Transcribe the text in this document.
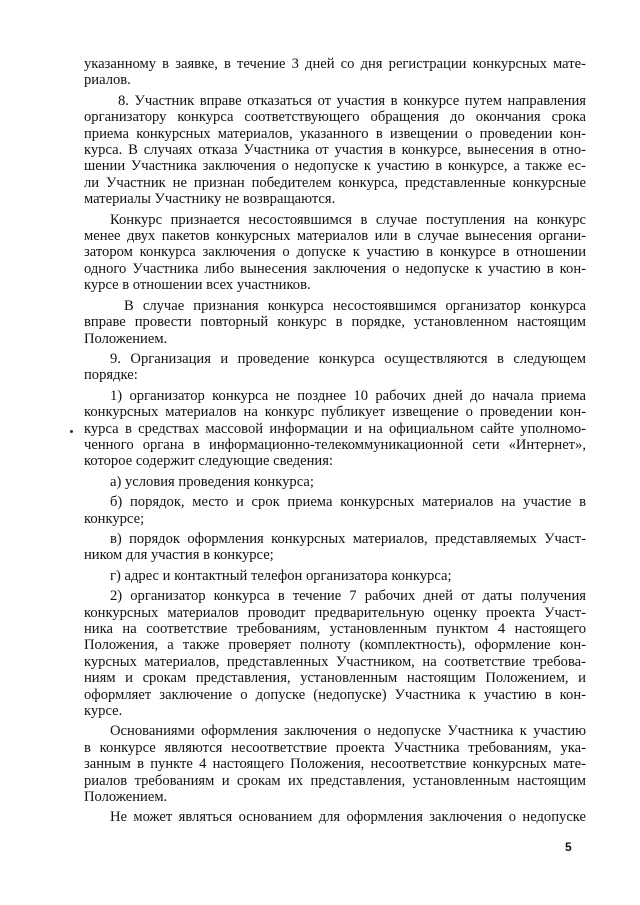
указанному в заявке, в течение 3 дней со дня регистрации конкурсных мате-
риалов.
8. Участник вправе отказаться от участия в конкурсе путем направления
организатору конкурса соответствующего обращения до окончания срока
приема конкурсных материалов, указанного в извещении о проведении кон-
курса. В случаях отказа Участника от участия в конкурсе, вынесения в отно-
шении Участника заключения о недопуске к участию в конкурсе, а также ес-
ли Участник не признан победителем конкурса, представленные конкурсные
материалы Участнику не возвращаются.
Конкурс признается несостоявшимся в случае поступления на конкурс
менее двух пакетов конкурсных материалов или в случае вынесения органи-
затором конкурса заключения о допуске к участию в конкурсе в отношении
одного Участника либо вынесения заключения о недопуске к участию в кон-
курсе в отношении всех участников.
В случае признания конкурса несостоявшимся организатор конкурса
вправе провести повторный конкурс в порядке, установленном настоящим
Положением.
9. Организация и проведение конкурса осуществляются в следующем
порядке:
1) организатор конкурса не позднее 10 рабочих дней до начала приема
конкурсных материалов на конкурс публикует извещение о проведении кон-
курса в средствах массовой информации и на официальном сайте уполномо-
ченного органа в информационно-телекоммуникационной сети «Интернет»,
которое содержит следующие сведения:
а) условия проведения конкурса;
б) порядок, место и срок приема конкурсных материалов на участие в
конкурсе;
в) порядок оформления конкурсных материалов, представляемых Участ-
ником для участия в конкурсе;
г) адрес и контактный телефон организатора конкурса;
2) организатор конкурса в течение 7 рабочих дней от даты получения
конкурсных материалов проводит предварительную оценку проекта Участ-
ника на соответствие требованиям, установленным пунктом 4 настоящего
Положения, а также проверяет полноту (комплектность), оформление кон-
курсных материалов, представленных Участником, на соответствие требова-
ниям и срокам представления, установленным настоящим Положением, и
оформляет заключение о допуске (недопуске) Участника к участию в кон-
курсе.
Основаниями оформления заключения о недопуске Участника к участию
в конкурсе являются несоответствие проекта Участника требованиям, ука-
занным в пункте 4 настоящего Положения, несоответствие конкурсных мате-
риалов требованиям и срокам их представления, установленным настоящим
Положением.
Не может являться основанием для оформления заключения о недопуске
5
